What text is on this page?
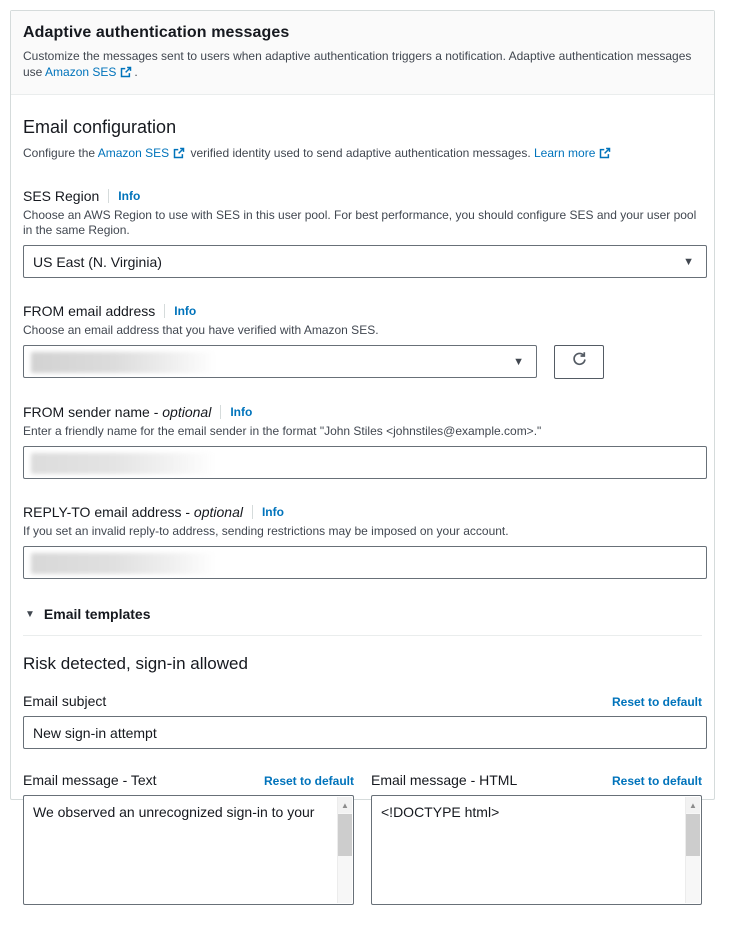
Adaptive authentication messages
Customize the messages sent to users when adaptive authentication triggers a notification. Adaptive authentication messages use Amazon SES .
Email configuration
Configure the Amazon SES verified identity used to send adaptive authentication messages. Learn more
SES Region	Info
Choose an AWS Region to use with SES in this user pool. For best performance, you should configure SES and your user pool in the same Region.
US East (N. Virginia)	▼
FROM email address	Info
Choose an email address that you have verified with Amazon SES.
▼
FROM sender name -
optional	Info
Enter a friendly name for the email sender in the format "John Stiles <johnstiles@example.com>."
REPLY-TO email address -
optional	Info
If you set an invalid reply-to address, sending restrictions may be imposed on your account.
▼ Email templates
Risk detected, sign-in allowed
Email subject	Reset to default
New sign-in attempt
Email message - Text	Reset to default
We observed an unrecognized sign-in to your	▲
Email message - HTML	Reset to default
<!DOCTYPE html>	▲
